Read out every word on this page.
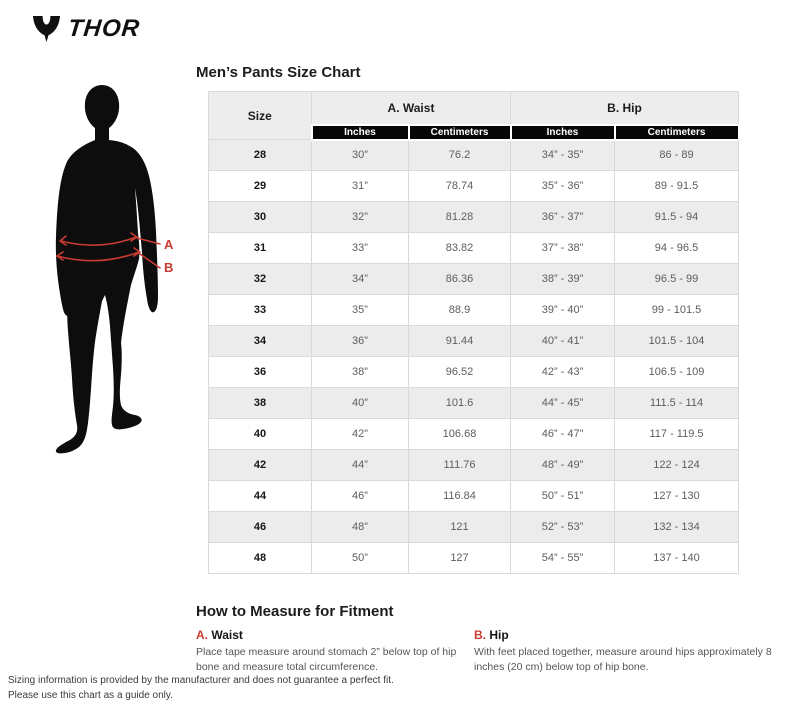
THOR
A
B
Men’s Pants Size Chart
Size	A. Waist		B. Hip	
	Inches	Centimeters	Inches	Centimeters
28	30”	76.2	34” - 35”	86 - 89
29	31”	78.74	35” - 36”	89 - 91.5
30	32”	81.28	36” - 37”	91.5 - 94
31	33”	83.82	37” - 38”	94 - 96.5
32	34”	86.36	38” - 39”	96.5 - 99
33	35”	88.9	39” - 40”	99 - 101.5
34	36”	91.44	40” - 41”	101.5 - 104
36	38”	96.52	42” - 43”	106.5 - 109
38	40”	101.6	44” - 45”	111.5 - 114
40	42”	106.68	46” - 47”	117 - 119.5
42	44”	111.76	48” - 49”	122 - 124
44	46”	116.84	50” - 51”	127 - 130
46	48”	121	52” - 53”	132 - 134
48	50”	127	54” - 55”	137 - 140
How to Measure for Fitment
A. Waist

Place tape measure around stomach 2” below top of hip bone and measure total circumference.

B. Hip

With feet placed together, measure around hips approximately 8 inches (20 cm) below top of hip bone.

Sizing information is provided by the manufacturer and does not guarantee a perfect fit.
Please use this chart as a guide only.
